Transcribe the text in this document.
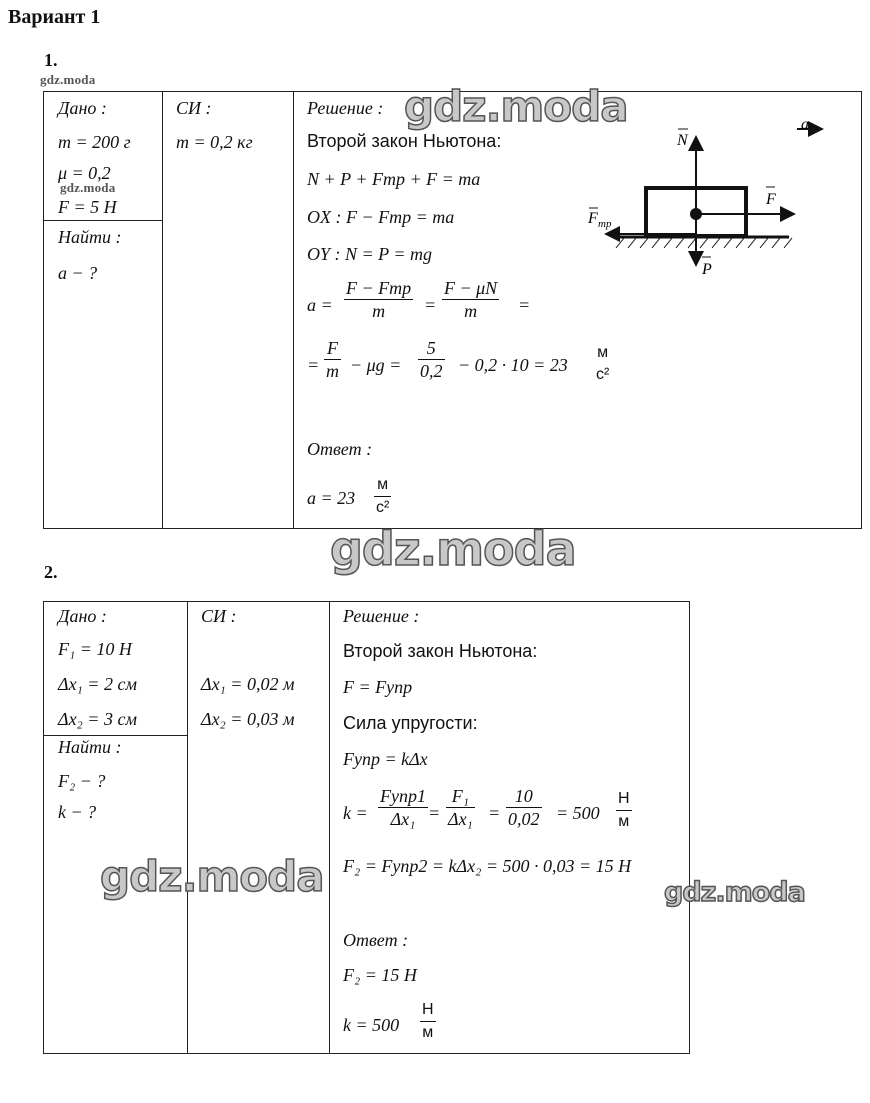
Вариант 1
1.
gdz.moda
Дано :
m = 200 г
μ = 0,2
gdz.moda
F = 5 Н
Найти :
a − ?
СИ :
m = 0,2 кг
Решение : gdz.moda
Второй закон Ньютона:
N + P + Fтр + F = ma
OX : F − Fтр = ma
OY : N = P = mg
a =
F − Fтр
m	= $\frac{F - \mu N}{m}$ =
= $\frac{F}{m} - \mu g = \frac{5}{0,2} - 0,2 \cdot 10 = 23$
м
с²
Ответ :
a = 23
м
с²
N
F
F тр
P
a
gdz.moda
2.
Дано :
F₁ = 10 Н
Δx₁ = 2 см
Δx₂ = 3 см
Найти :
F₂ − ?
k − ?
СИ :
Δx₁ = 0,02 м
Δx₂ = 0,03 м
Решение :
Второй закон Ньютона:
F = Fупр
Сила упругости:
Fупр = kΔx
k =
Fупр1
$\Delta x_1 = \frac{\text{F₁}}{\text{Δx₁}} = \frac{10}{0,02} = 500$
Н
м
F₂ = Fупр2 = kΔx₂ = 500 · 0,03 = 15 Н
Ответ :
F₂ = 15 Н
k = 500
Н
м
gdz.moda	gdz.moda
